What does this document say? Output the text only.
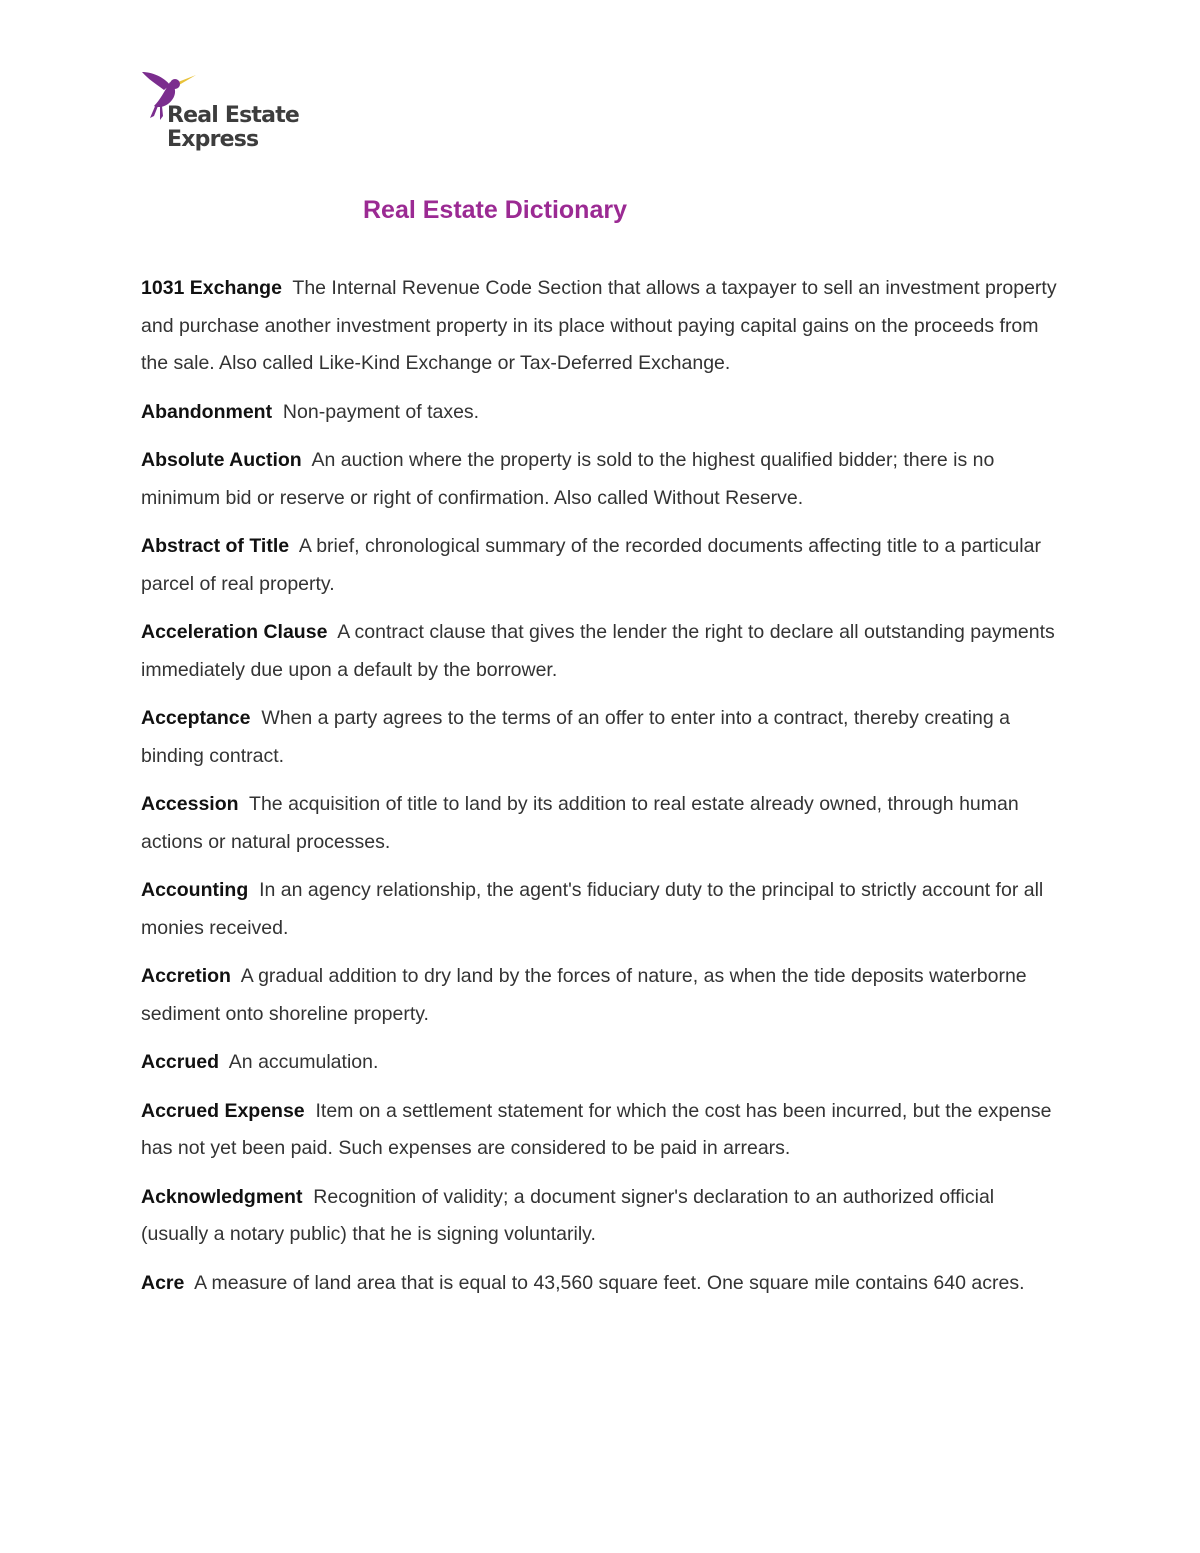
Real Estate
Express
Real Estate Dictionary

1031 Exchange The Internal Revenue Code Section that allows a taxpayer to sell an investment property and purchase another investment property in its place without paying capital gains on the proceeds from the sale. Also called Like-Kind Exchange or Tax-Deferred Exchange.

Abandonment Non-payment of taxes.

Absolute Auction An auction where the property is sold to the highest qualified bidder; there is no minimum bid or reserve or right of confirmation. Also called Without Reserve.

Abstract of Title A brief, chronological summary of the recorded documents affecting title to a particular parcel of real property.

Acceleration Clause A contract clause that gives the lender the right to declare all outstanding payments immediately due upon a default by the borrower.

Acceptance When a party agrees to the terms of an offer to enter into a contract, thereby creating a binding contract.

Accession The acquisition of title to land by its addition to real estate already owned, through human actions or natural processes.

Accounting In an agency relationship, the agent's fiduciary duty to the principal to strictly account for all monies received.

Accretion A gradual addition to dry land by the forces of nature, as when the tide deposits waterborne sediment onto shoreline property.

Accrued An accumulation.

Accrued Expense Item on a settlement statement for which the cost has been incurred, but the expense has not yet been paid. Such expenses are considered to be paid in arrears.

Acknowledgment Recognition of validity; a document signer's declaration to an authorized official (usually a notary public) that he is signing voluntarily.

Acre A measure of land area that is equal to 43,560 square feet. One square mile contains 640 acres.
